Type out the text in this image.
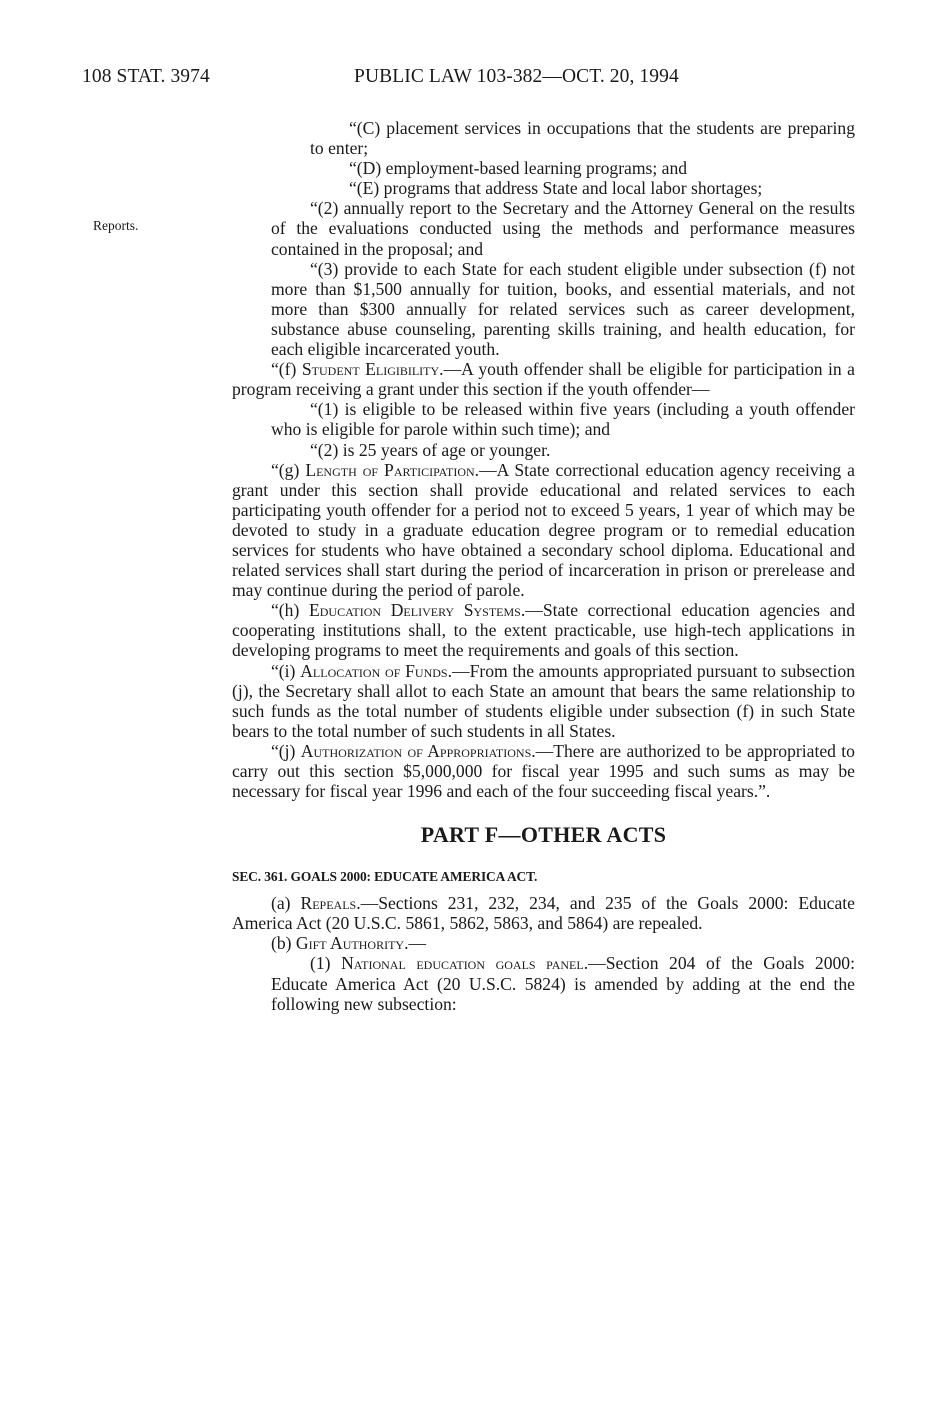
108 STAT. 3974	PUBLIC LAW 103-382—OCT. 20, 1994
Reports.

“(C) placement services in occupations that the students are preparing to enter;

“(D) employment-based learning programs; and

“(E) programs that address State and local labor shortages;

“(2) annually report to the Secretary and the Attorney General on the results of the evaluations conducted using the methods and performance measures contained in the proposal; and

“(3) provide to each State for each student eligible under subsection (f) not more than $1,500 annually for tuition, books, and essential materials, and not more than $300 annually for related services such as career development, substance abuse counseling, parenting skills training, and health education, for each eligible incarcerated youth.

“(f) Student Eligibility.—A youth offender shall be eligible for participation in a program receiving a grant under this section if the youth offender—

“(1) is eligible to be released within five years (including a youth offender who is eligible for parole within such time); and

“(2) is 25 years of age or younger.

“(g) Length of Participation.—A State correctional education agency receiving a grant under this section shall provide educational and related services to each participating youth offender for a period not to exceed 5 years, 1 year of which may be devoted to study in a graduate education degree program or to remedial education services for students who have obtained a secondary school diploma. Educational and related services shall start during the period of incarceration in prison or prerelease and may continue during the period of parole.

“(h) Education Delivery Systems.—State correctional education agencies and cooperating institutions shall, to the extent practicable, use high-tech applications in developing programs to meet the requirements and goals of this section.

“(i) Allocation of Funds.—From the amounts appropriated pursuant to subsection (j), the Secretary shall allot to each State an amount that bears the same relationship to such funds as the total number of students eligible under subsection (f) in such State bears to the total number of such students in all States.

“(j) Authorization of Appropriations.—There are authorized to be appropriated to carry out this section $5,000,000 for fiscal year 1995 and such sums as may be necessary for fiscal year 1996 and each of the four succeeding fiscal years.”.

PART F—OTHER ACTS
SEC. 361. GOALS 2000: EDUCATE AMERICA ACT.

(a) Repeals.—Sections 231, 232, 234, and 235 of the Goals 2000: Educate America Act (20 U.S.C. 5861, 5862, 5863, and 5864) are repealed.

(b) Gift Authority.—

(1) National education goals panel.—Section 204 of the Goals 2000: Educate America Act (20 U.S.C. 5824) is amended by adding at the end the following new subsection:
